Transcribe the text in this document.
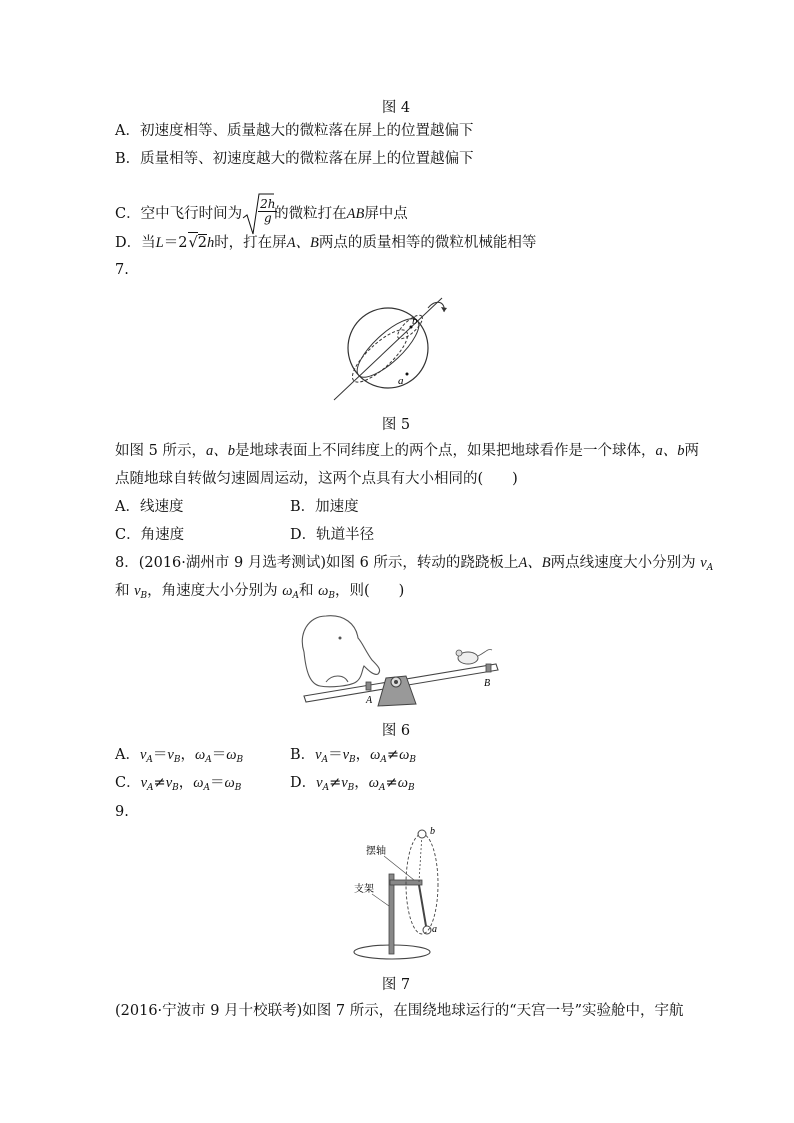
图 4
A．初速度相等、质量越大的微粒落在屏上的位置越偏下
B．质量相等、初速度越大的微粒落在屏上的位置越偏下
C．空中飞行时间为 $\frac{2h}{g}$
的微粒打在AB屏中点
D．当L＝2√2h时，打在屏A、B两点的质量相等的微粒机械能相等
7.
b
a
图 5
如图 5 所示，a、b是地球表面上不同纬度上的两个点，如果把地球看作是一个球体，a、b两
点随地球自转做匀速圆周运动，这两个点具有大小相同的(　　)
A．线速度	B．加速度
C．角速度	D．轨道半径
8．(2016·湖州市 9 月选考测试)如图 6 所示，转动的跷跷板上A、B两点线速度大小分别为 $v_A$
和 $v_B$，角速度大小分别为 $\omega_A$和 $\omega_B$，则(　　)
A
B
图 6
A．$v_A=v_B$，$\omega_A=\omega_B$	B．$v_A=v_B$，$\omega_A\ne\omega_B$
C．$v_A\ne v_B$，$\omega_A=\omega_B$	D．$v_A\ne v_B$，$\omega_A\ne\omega_B$
9.
b
a
摆轴
支架
图 7
(2016·宁波市 9 月十校联考)如图 7 所示，在围绕地球运行的“天宫一号”实验舱中，宇航
